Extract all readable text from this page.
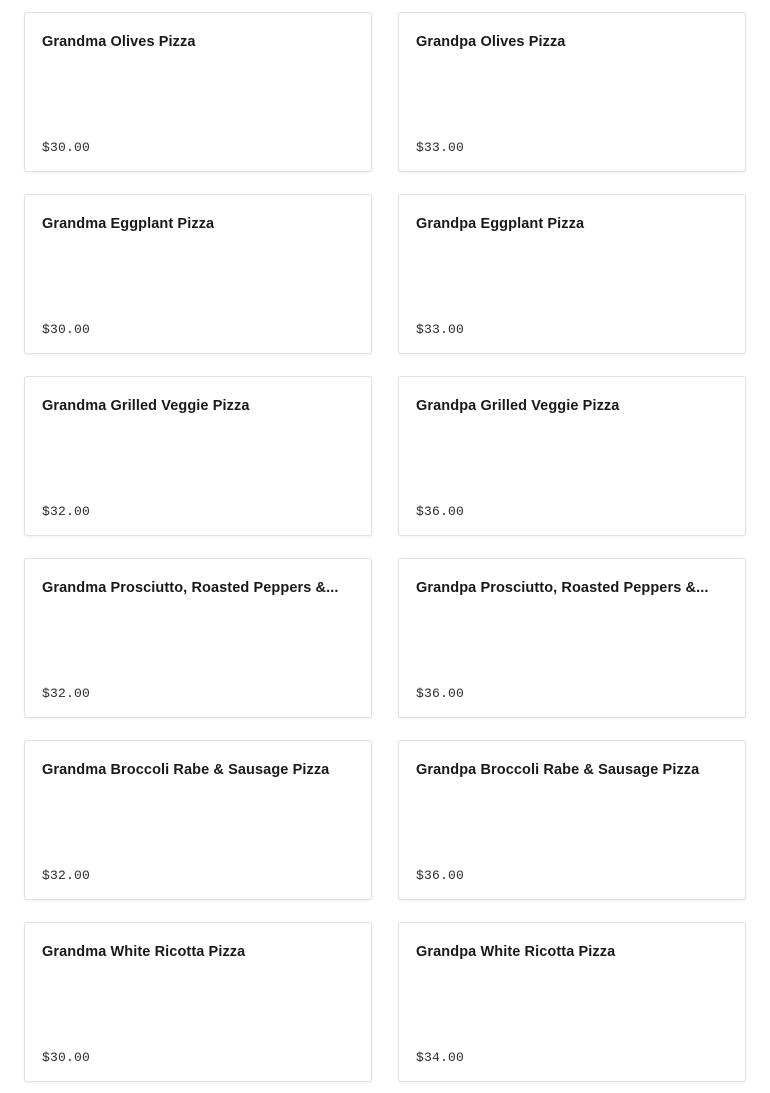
Grandma Olives Pizza
$30.00
Grandpa Olives Pizza
$33.00
Grandma Eggplant Pizza
$30.00
Grandpa Eggplant Pizza
$33.00
Grandma Grilled Veggie Pizza
$32.00
Grandpa Grilled Veggie Pizza
$36.00
Grandma Prosciutto, Roasted Peppers &...
$32.00
Grandpa Prosciutto, Roasted Peppers &...
$36.00
Grandma Broccoli Rabe & Sausage Pizza
$32.00
Grandpa Broccoli Rabe & Sausage Pizza
$36.00
Grandma White Ricotta Pizza
$30.00
Grandpa White Ricotta Pizza
$34.00
